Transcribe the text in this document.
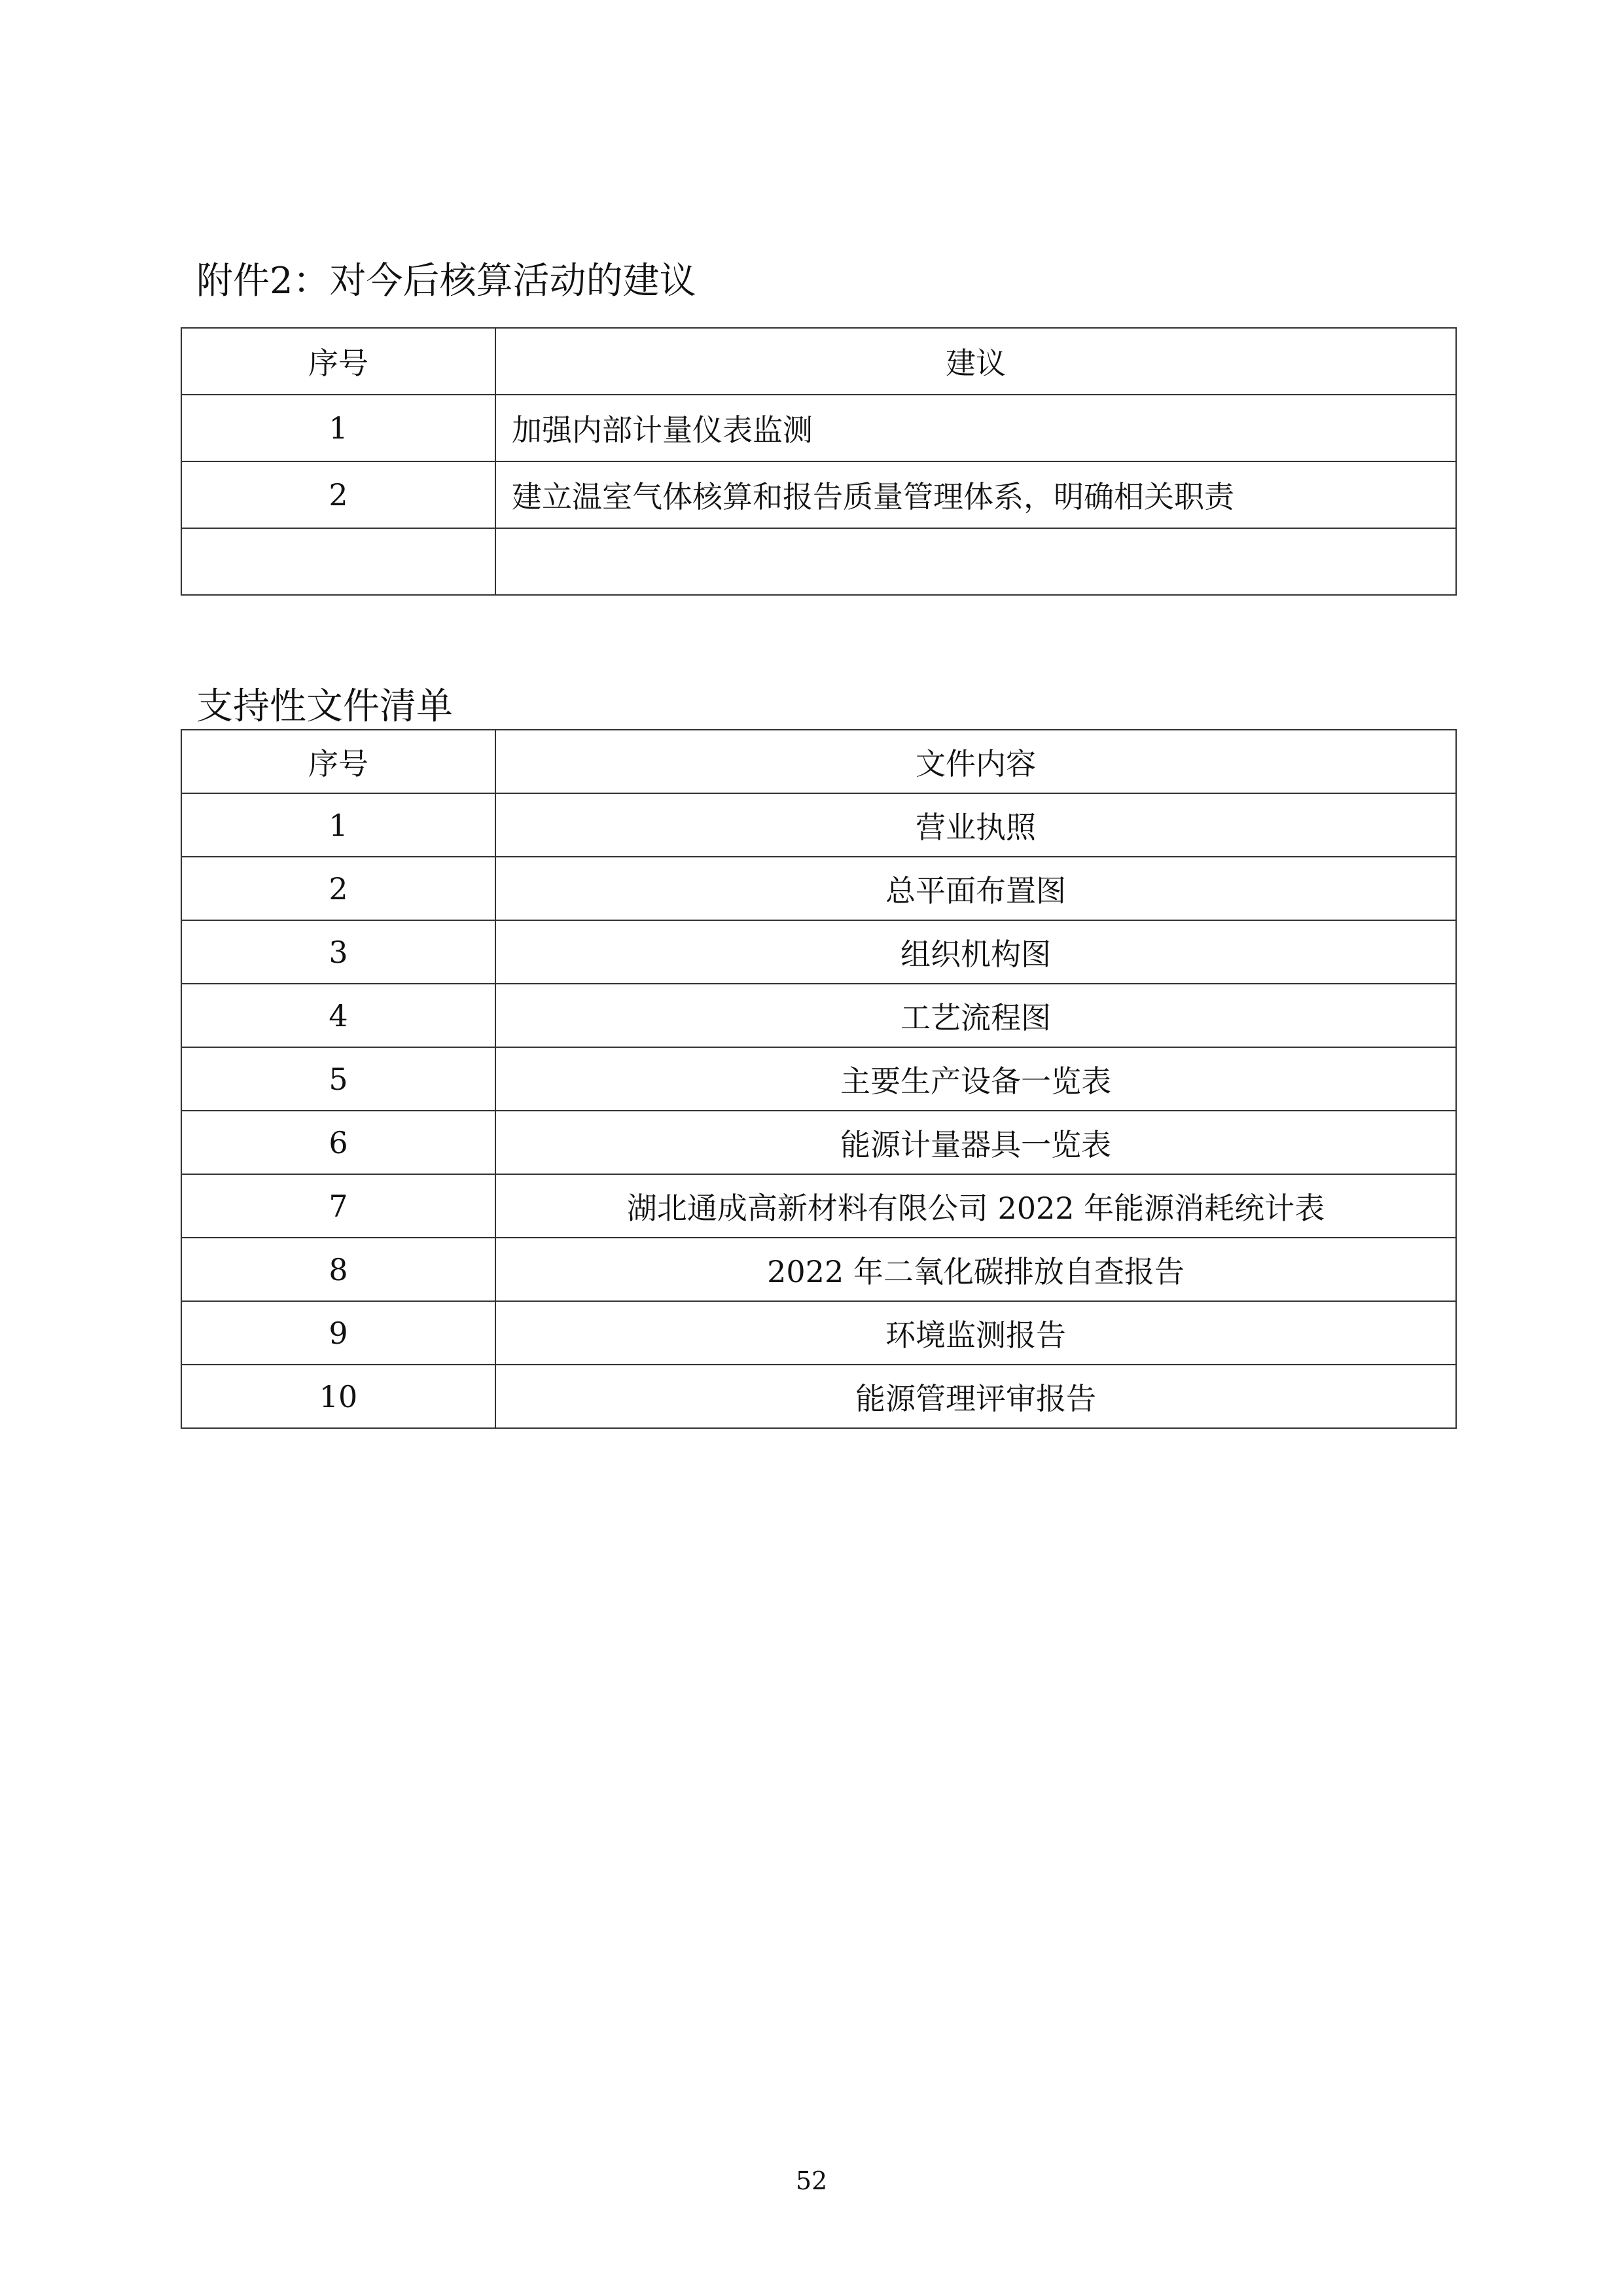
附件2：对今后核算活动的建议
序号	建议
1	加强内部计量仪表监测
2	建立温室气体核算和报告质量管理体系，明确相关职责

支持性文件清单
序号	文件内容
1	营业执照
2	总平面布置图
3	组织机构图
4	工艺流程图
5	主要生产设备一览表
6	能源计量器具一览表
7	湖北通成高新材料有限公司 2022 年能源消耗统计表
8	2022 年二氧化碳排放自查报告
9	环境监测报告
10	能源管理评审报告
52
